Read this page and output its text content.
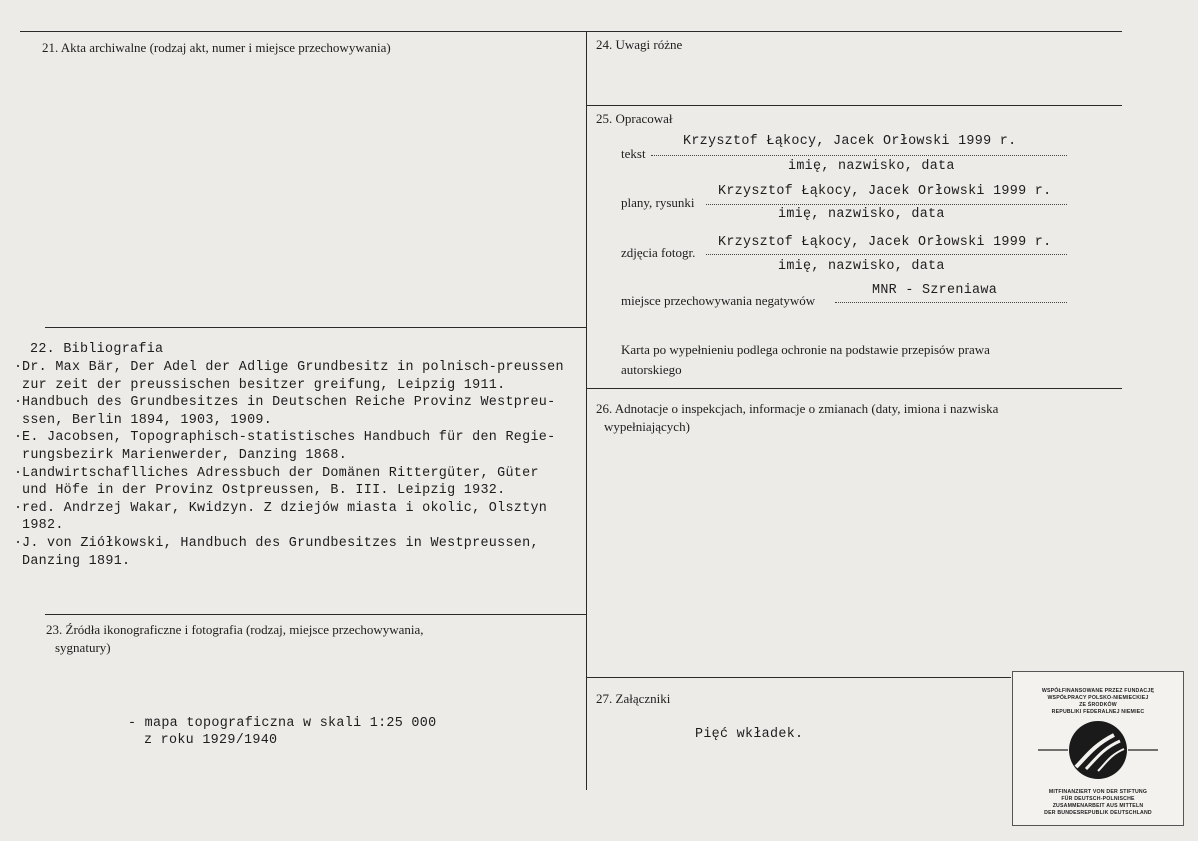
21. Akta archiwalne (rodzaj akt, numer i miejsce przechowywania)
22. Bibliografia
·Dr. Max Bär, Der Adel der Adlige Grundbesitz in polnisch-preussen
zur zeit der preussischen besitzer greifung, Leipzig 1911.
·Handbuch des Grundbesitzes in Deutschen Reiche Provinz Westpreu-
ssen, Berlin 1894, 1903, 1909.
·E. Jacobsen, Topographisch-statistisches Handbuch für den Regie-
rungsbezirk Marienwerder, Danzing 1868.
·Landwirtschaflliches Adressbuch der Domänen Rittergüter, Güter
und Höfe in der Provinz Ostpreussen, B. III. Leipzig 1932.
·red. Andrzej Wakar, Kwidzyn. Z dziejów miasta i okolic, Olsztyn
1982.
·J. von Ziółkowski, Handbuch des Grundbesitzes in Westpreussen,
Danzing 1891.
23. Źródła ikonograficzne i fotografia (rodzaj, miejsce przechowywania,
sygnatury)
- mapa topograficzna w skali 1:25 000
z roku 1929/1940
24. Uwagi różne
25. Opracował
tekst
Krzysztof Łąkocy, Jacek Orłowski 1999 r.
imię, nazwisko, data
plany, rysunki
Krzysztof Łąkocy, Jacek Orłowski 1999 r.
imię, nazwisko, data
zdjęcia fotogr.
Krzysztof Łąkocy, Jacek Orłowski 1999 r.
imię, nazwisko, data
miejsce przechowywania negatywów
MNR - Szreniawa
Karta po wypełnieniu podlega ochronie na podstawie przepisów prawa
autorskiego
26. Adnotacje o inspekcjach, informacje o zmianach (daty, imiona i nazwiska
wypełniających)
27. Załączniki
Pięć wkładek.
WSPÓŁFINANSOWANE PRZEZ FUNDACJĘ
WSPÓŁPRACY POLSKO-NIEMIECKIEJ
ZE ŚRODKÓW
REPUBLIKI FEDERALNEJ NIEMIEC
MITFINANZIERT VON DER STIFTUNG
FÜR DEUTSCH-POLNISCHE
ZUSAMMENARBEIT AUS MITTELN
DER BUNDESREPUBLIK DEUTSCHLAND
